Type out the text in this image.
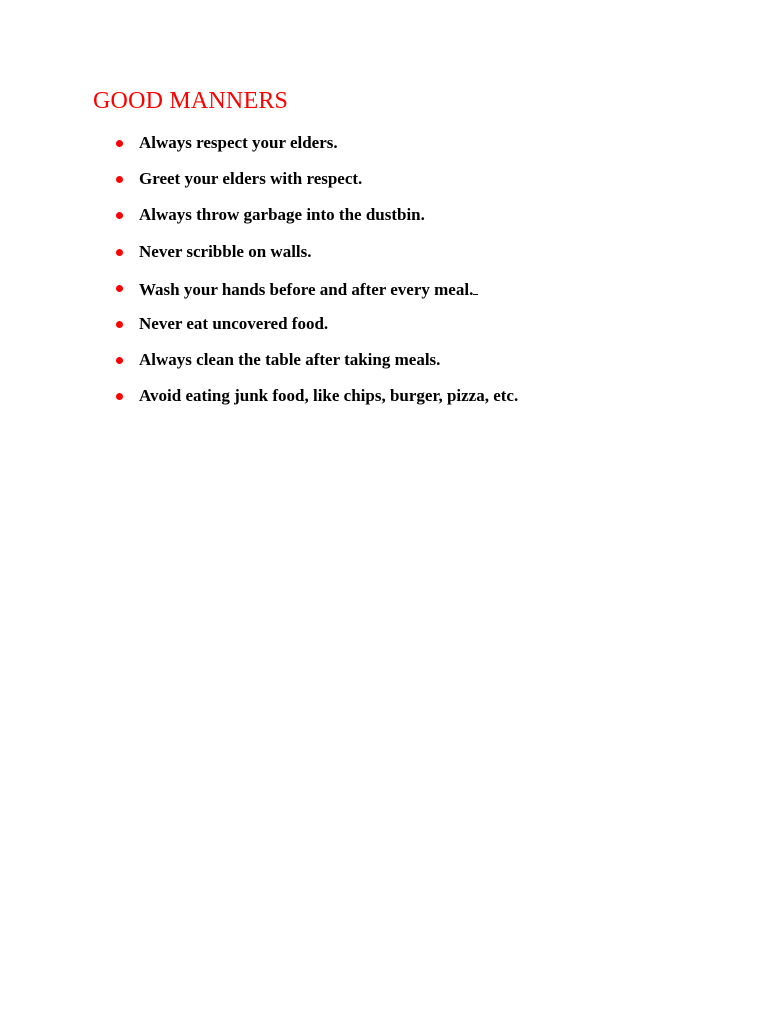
GOOD MANNERS
Always respect your elders.
Greet your elders with respect.
Always throw garbage into the dustbin.
Never scribble on walls.
Wash your hands before and after every meal.
Never eat uncovered food.
Always clean the table after taking meals.
Avoid eating junk food, like chips, burger, pizza, etc.
